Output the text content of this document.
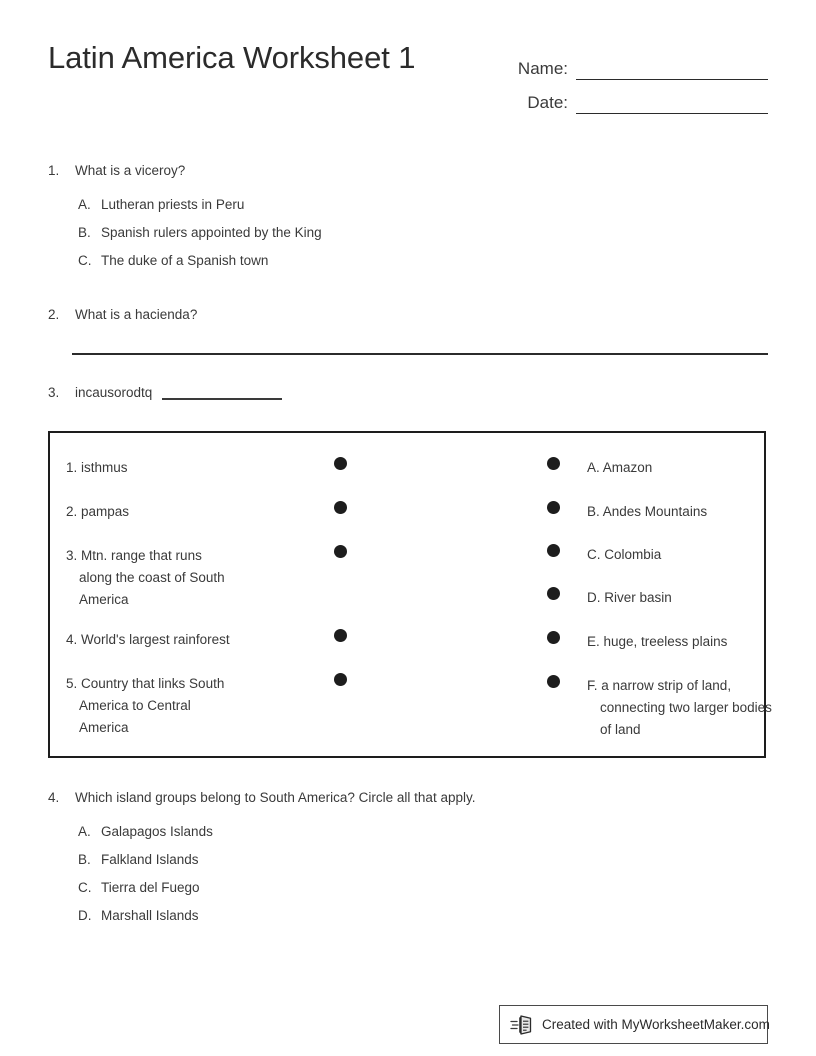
Latin America Worksheet 1	Name:
Date:
1.	What is a viceroy?
A. Lutheran priests in Peru
B. Spanish rulers appointed by the King
C. The duke of a Spanish town
2.	What is a hacienda?
3.	incausorodtq
1. isthmus
2. pampas
3. Mtn. range that runs
along the coast of South
America
4. World's largest rainforest
5. Country that links South
America to Central
America
A. Amazon
B. Andes Mountains
C. Colombia
D. River basin
E. huge, treeless plains
F. a narrow strip of land,
connecting two larger bodies
of land
4.	Which island groups belong to South America? Circle all that apply.
A. Galapagos Islands
B. Falkland Islands
C. Tierra del Fuego
D. Marshall Islands
Created with MyWorksheetMaker.com
